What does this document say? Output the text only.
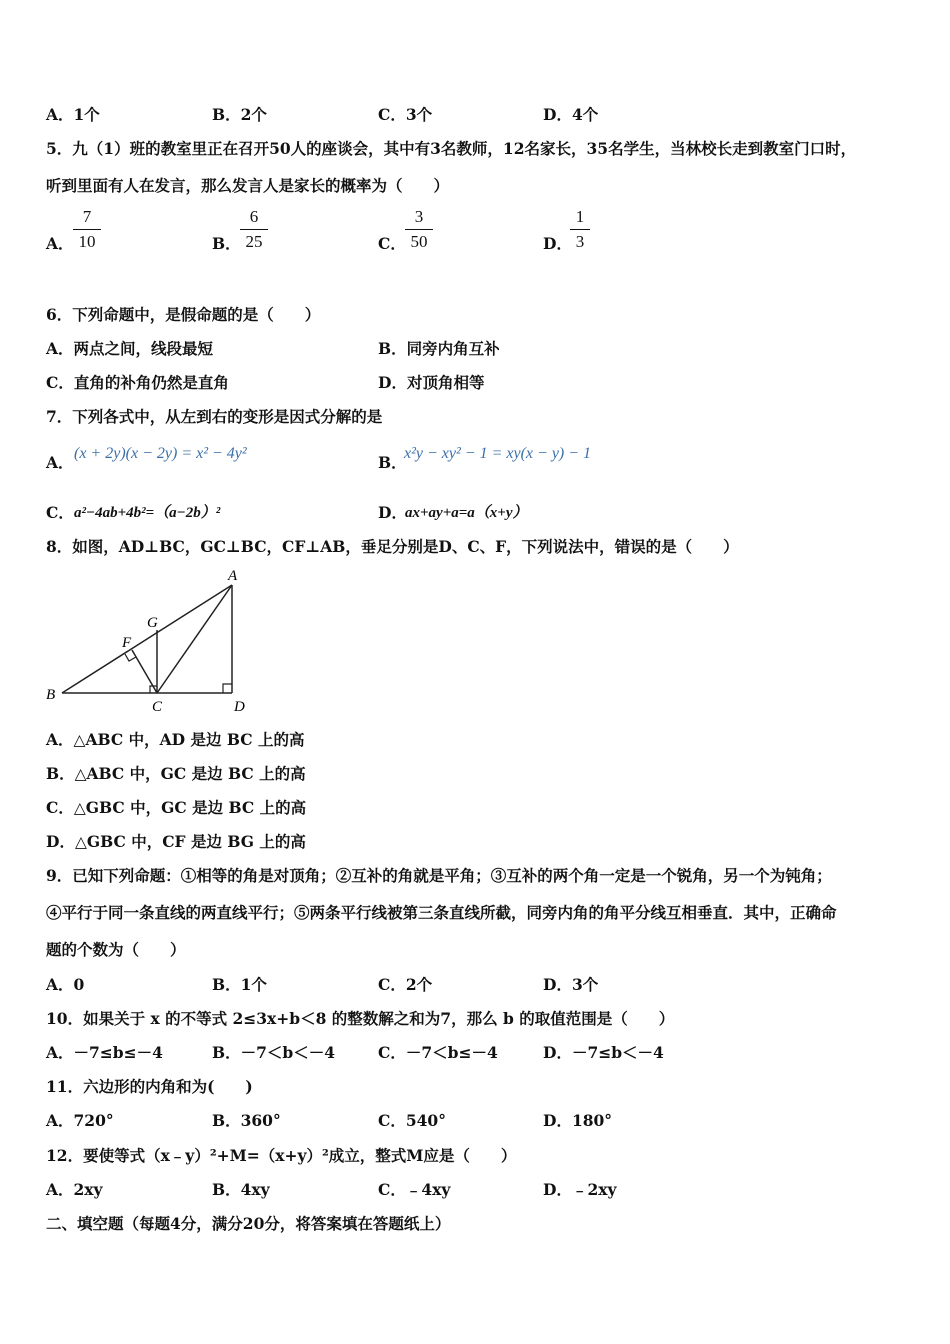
A．1个	B．2个	C．3个	D．4个
5．九（1）班的教室里正在召开50人的座谈会，其中有3名教师，12名家长，35名学生，当林校长走到教室门口时，
听到里面有人在发言，那么发言人是家长的概率为（　　）
A．
7
10	B．
6
25	C．
3
50	D．
1
3
6．下列命题中，是假命题的是（　　）
A．两点之间，线段最短	B．同旁内角互补
C．直角的补角仍然是直角	D．对顶角相等
7．下列各式中，从左到右的变形是因式分解的是
A． (x + 2y)(x − 2y) = x² − 4y²	B．
x²y − xy² − 1 = xy(x − y) − 1
C． a²−4ab+4b²=（a−2b）²	D．
ax+ay+a=a（x+y）
8．如图，AD⊥BC，GC⊥BC，CF⊥AB，垂足分别是D、C、F，下列说法中，错误的是（　　）
A
B
C	D
F
G
A．△ABC 中，AD 是边 BC 上的高
B．△ABC 中，GC 是边 BC 上的高
C．△GBC 中，GC 是边 BC 上的高
D．△GBC 中，CF 是边 BG 上的高
9．已知下列命题：①相等的角是对顶角；②互补的角就是平角；③互补的两个角一定是一个锐角，另一个为钝角；
④平行于同一条直线的两直线平行；⑤两条平行线被第三条直线所截，同旁内角的角平分线互相垂直．其中，正确命
题的个数为（　　）
A．0	B．1个	C．2个	D．3个
10．如果关于 x 的不等式 2≤3x+b＜8 的整数解之和为7，那么 b 的取值范围是（　　）
A．－7≤b≤－4	B．－7＜b＜－4	C．－7＜b≤－4	D．－7≤b＜－4
11．六边形的内角和为(　　)
A．720°	B．360°	C．540°	D．180°
12．要使等式（x﹣y）²+M=（x+y）²成立，整式M应是（　　）
A．2xy	B．4xy	C．﹣4xy	D．﹣2xy
二、填空题（每题4分，满分20分，将答案填在答题纸上）
